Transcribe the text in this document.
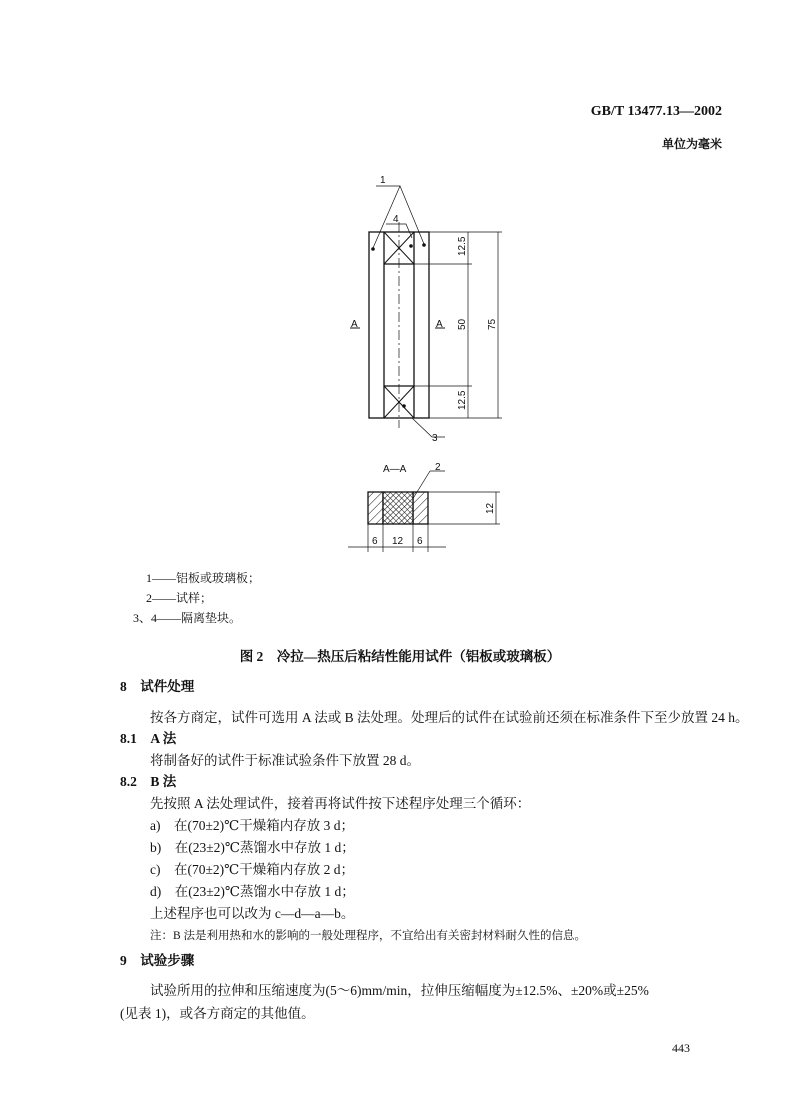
GB/T 13477.13—2002
单位为毫米
1
4
3
A	A
12.5
50
12.5
75
A—A	2
12
6 12 6
1——铝板或玻璃板；
2——试样；
3、4——隔离垫块。
图 2　冷拉—热压后粘结性能用试件（铝板或玻璃板）
8　试件处理
按各方商定，试件可选用 A 法或 B 法处理。处理后的试件在试验前还须在标准条件下至少放置 24 h。
8.1　A 法
将制备好的试件于标准试验条件下放置 28 d。
8.2　B 法
先按照 A 法处理试件，接着再将试件按下述程序处理三个循环：
a)　在(70±2)℃干燥箱内存放 3 d；
b)　在(23±2)℃蒸馏水中存放 1 d；
c)　在(70±2)℃干燥箱内存放 2 d；
d)　在(23±2)℃蒸馏水中存放 1 d；
上述程序也可以改为 c—d—a—b。
注：B 法是利用热和水的影响的一般处理程序，不宜给出有关密封材料耐久性的信息。
9　试验步骤
试验所用的拉伸和压缩速度为(5～6)mm/min，拉伸压缩幅度为±12.5%、±20%或±25%
(见表 1)，或各方商定的其他值。
443
